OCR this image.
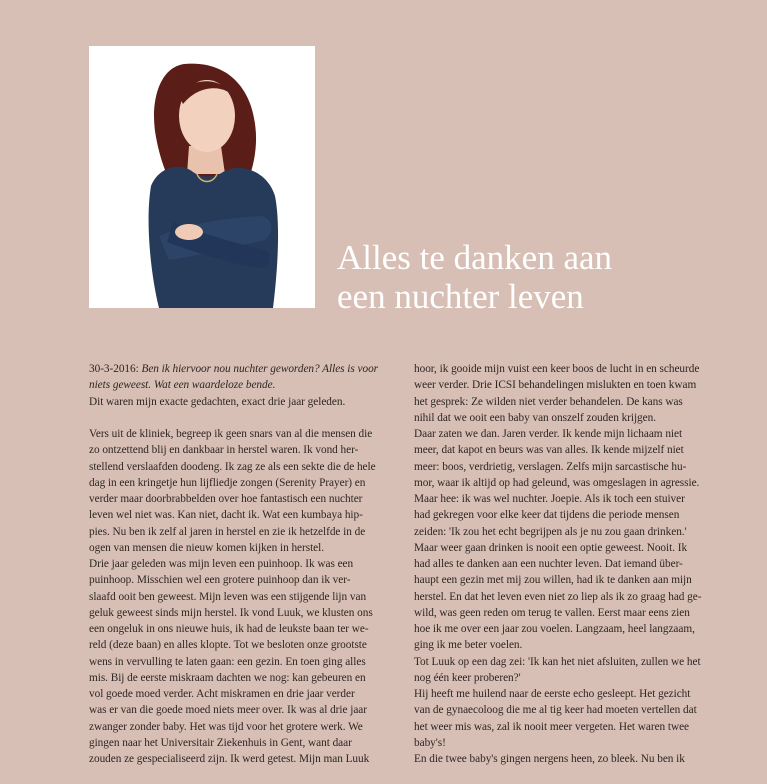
Alles te danken aan
een nuchter leven
30-3-2016: Ben ik hiervoor nou nuchter geworden? Alles is voor
niets geweest. Wat een waardeloze bende.
Dit waren mijn exacte gedachten, exact drie jaar geleden.
Vers uit de kliniek, begreep ik geen snars van al die mensen die
zo ontzettend blij en dankbaar in herstel waren. Ik vond her-
stellend verslaafden doodeng. Ik zag ze als een sekte die de hele
dag in een kringetje hun lijfliedje zongen (Serenity Prayer) en
verder maar doorbrabbelden over hoe fantastisch een nuchter
leven wel niet was. Kan niet, dacht ik. Wat een kumbaya hip-
pies. Nu ben ik zelf al jaren in herstel en zie ik hetzelfde in de
ogen van mensen die nieuw komen kijken in herstel.
Drie jaar geleden was mijn leven een puinhoop. Ik was een
puinhoop. Misschien wel een grotere puinhoop dan ik ver-
slaafd ooit ben geweest. Mijn leven was een stijgende lijn van
geluk geweest sinds mijn herstel. Ik vond Luuk, we klusten ons
een ongeluk in ons nieuwe huis, ik had de leukste baan ter we-
reld (deze baan) en alles klopte. Tot we besloten onze grootste
wens in vervulling te laten gaan: een gezin. En toen ging alles
mis. Bij de eerste miskraam dachten we nog: kan gebeuren en
vol goede moed verder. Acht miskramen en drie jaar verder
was er van die goede moed niets meer over. Ik was al drie jaar
zwanger zonder baby. Het was tijd voor het grotere werk. We
gingen naar het Universitair Ziekenhuis in Gent, want daar
zouden ze gespecialiseerd zijn. Ik werd getest. Mijn man Luuk
hoor, ik gooide mijn vuist een keer boos de lucht in en scheurde
weer verder. Drie ICSI behandelingen mislukten en toen kwam
het gesprek: Ze wilden niet verder behandelen. De kans was
nihil dat we ooit een baby van onszelf zouden krijgen.
Daar zaten we dan. Jaren verder. Ik kende mijn lichaam niet
meer, dat kapot en beurs was van alles. Ik kende mijzelf niet
meer: boos, verdrietig, verslagen. Zelfs mijn sarcastische hu-
mor, waar ik altijd op had geleund, was omgeslagen in agressie.
Maar hee: ik was wel nuchter. Joepie. Als ik toch een stuiver
had gekregen voor elke keer dat tijdens die periode mensen
zeiden: 'Ik zou het echt begrijpen als je nu zou gaan drinken.'
Maar weer gaan drinken is nooit een optie geweest. Nooit. Ik
had alles te danken aan een nuchter leven. Dat iemand über-
haupt een gezin met mij zou willen, had ik te danken aan mijn
herstel. En dat het leven even niet zo liep als ik zo graag had ge-
wild, was geen reden om terug te vallen. Eerst maar eens zien
hoe ik me over een jaar zou voelen. Langzaam, heel langzaam,
ging ik me beter voelen.
Tot Luuk op een dag zei: 'Ik kan het niet afsluiten, zullen we het
nog één keer proberen?'
Hij heeft me huilend naar de eerste echo gesleept. Het gezicht
van de gynaecoloog die me al tig keer had moeten vertellen dat
het weer mis was, zal ik nooit meer vergeten. Het waren twee
baby's!
En die twee baby's gingen nergens heen, zo bleek. Nu ben ik
